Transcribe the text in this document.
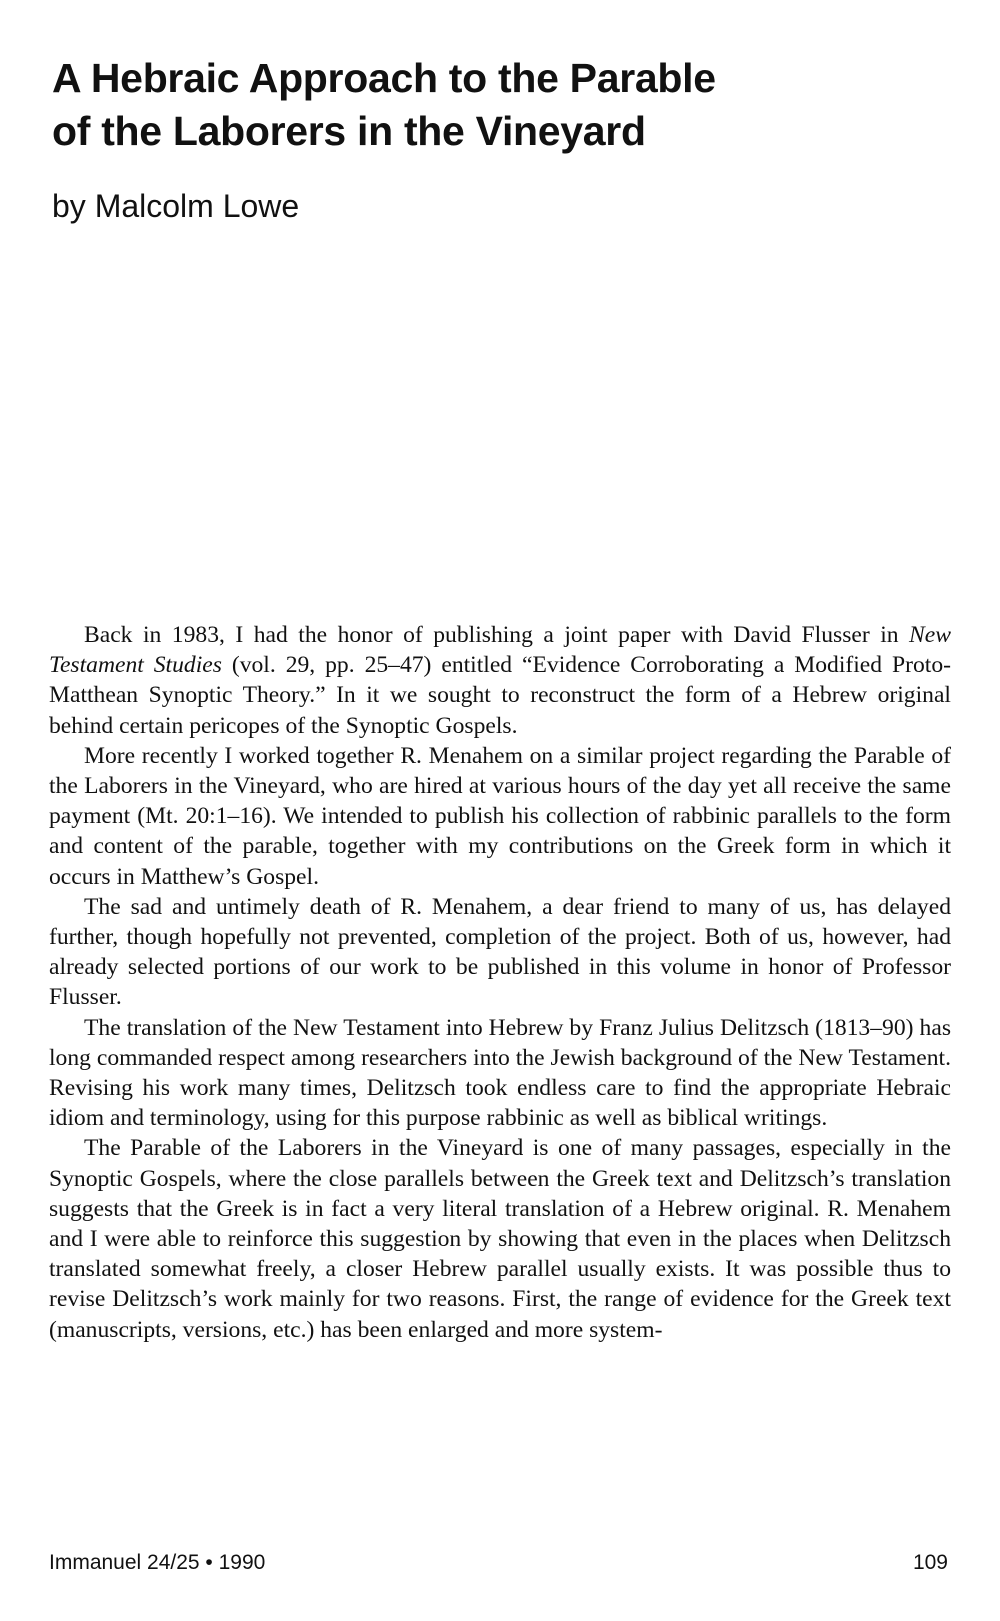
A Hebraic Approach to the Parable
of the Laborers in the Vineyard
by Malcolm Lowe

Back in 1983, I had the honor of publishing a joint paper with David Flusser in New Testament Studies (vol. 29, pp. 25–47) entitled “Evidence Corroborating a Modified Proto-Matthean Synoptic Theory.” In it we sought to reconstruct the form of a Hebrew original behind certain pericopes of the Synoptic Gospels.

More recently I worked together R. Menahem on a similar project regarding the Parable of the Laborers in the Vineyard, who are hired at various hours of the day yet all receive the same payment (Mt. 20:1–16). We intended to publish his collection of rabbinic parallels to the form and content of the parable, together with my contributions on the Greek form in which it occurs in Matthew’s Gospel.

The sad and untimely death of R. Menahem, a dear friend to many of us, has delayed further, though hopefully not prevented, completion of the project. Both of us, however, had already selected portions of our work to be published in this volume in honor of Professor Flusser.

The translation of the New Testament into Hebrew by Franz Julius Delitzsch (1813–90) has long commanded respect among researchers into the Jewish background of the New Testament. Revising his work many times, Delitzsch took endless care to find the appropriate Hebraic idiom and terminology, using for this purpose rabbinic as well as biblical writings.

The Parable of the Laborers in the Vineyard is one of many passages, especially in the Synoptic Gospels, where the close parallels between the Greek text and Delitzsch’s translation suggests that the Greek is in fact a very literal translation of a Hebrew original. R. Menahem and I were able to reinforce this suggestion by showing that even in the places when Delitzsch translated somewhat freely, a closer Hebrew parallel usually exists. It was possible thus to revise Delitzsch’s work mainly for two reasons. First, the range of evidence for the Greek text (manuscripts, versions, etc.) has been enlarged and more system-

Immanuel 24/25 • 1990	109
